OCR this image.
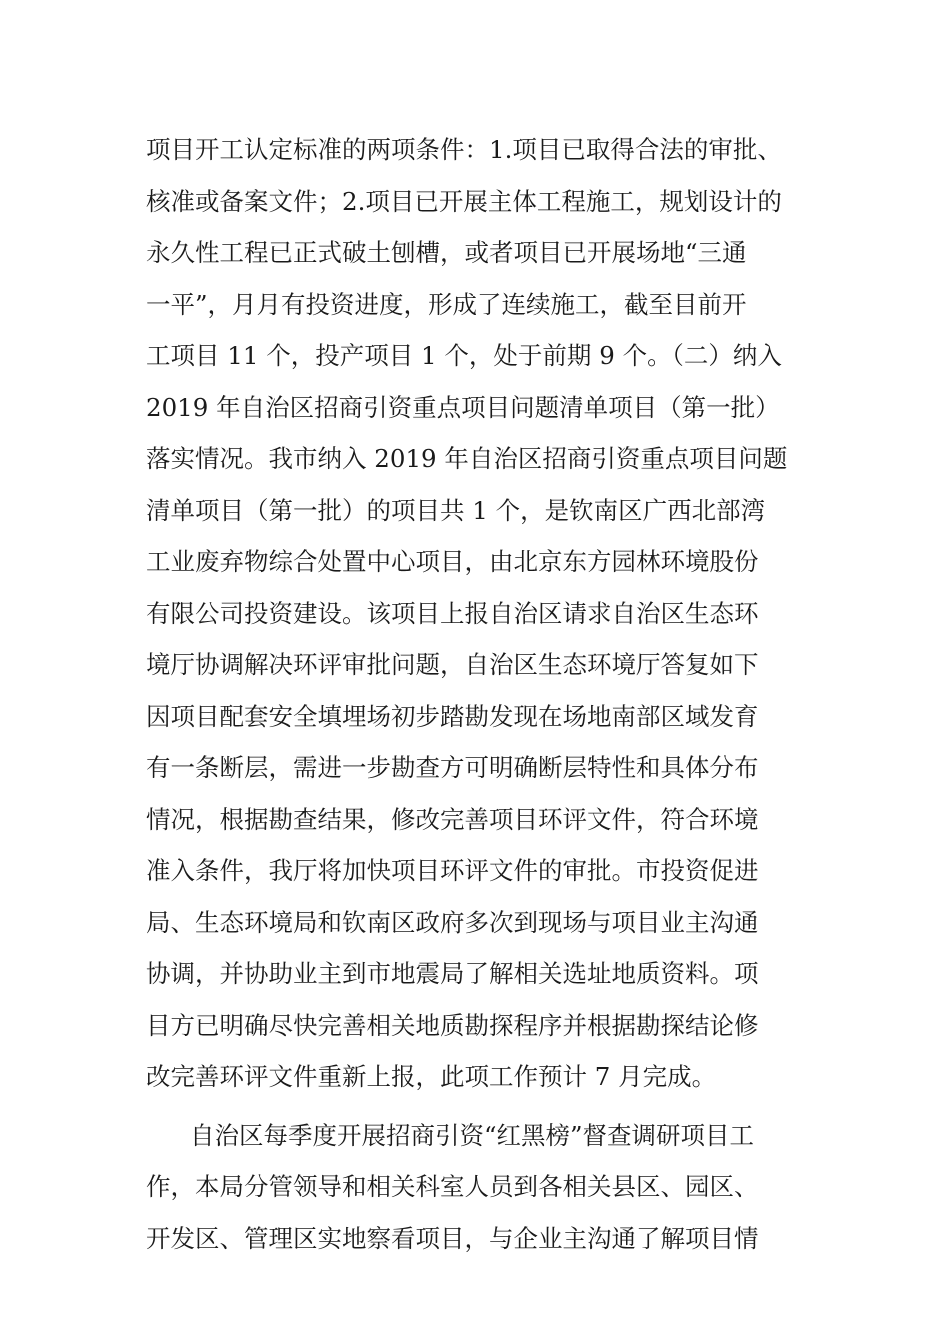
项目开工认定标准的两项条件：1.项目已取得合法的审批、
核准或备案文件；2.项目已开展主体工程施工，规划设计的
永久性工程已正式破土刨槽，或者项目已开展场地“三通
一平”，月月有投资进度，形成了连续施工，截至目前开
工项目 11 个，投产项目 1 个，处于前期 9 个。（二）纳入
2019 年自治区招商引资重点项目问题清单项目（第一批）
落实情况。我市纳入 2019 年自治区招商引资重点项目问题
清单项目（第一批）的项目共 1 个，是钦南区广西北部湾
工业废弃物综合处置中心项目，由北京东方园林环境股份
有限公司投资建设。该项目上报自治区请求自治区生态环
境厅协调解决环评审批问题，自治区生态环境厅答复如下
因项目配套安全填埋场初步踏勘发现在场地南部区域发育
有一条断层，需进一步勘查方可明确断层特性和具体分布
情况，根据勘查结果，修改完善项目环评文件，符合环境
准入条件，我厅将加快项目环评文件的审批。市投资促进
局、生态环境局和钦南区政府多次到现场与项目业主沟通
协调，并协助业主到市地震局了解相关选址地质资料。项
目方已明确尽快完善相关地质勘探程序并根据勘探结论修
改完善环评文件重新上报，此项工作预计 7 月完成。
自治区每季度开展招商引资“红黑榜”督查调研项目工
作，本局分管领导和相关科室人员到各相关县区、园区、
开发区、管理区实地察看项目，与企业主沟通了解项目情
